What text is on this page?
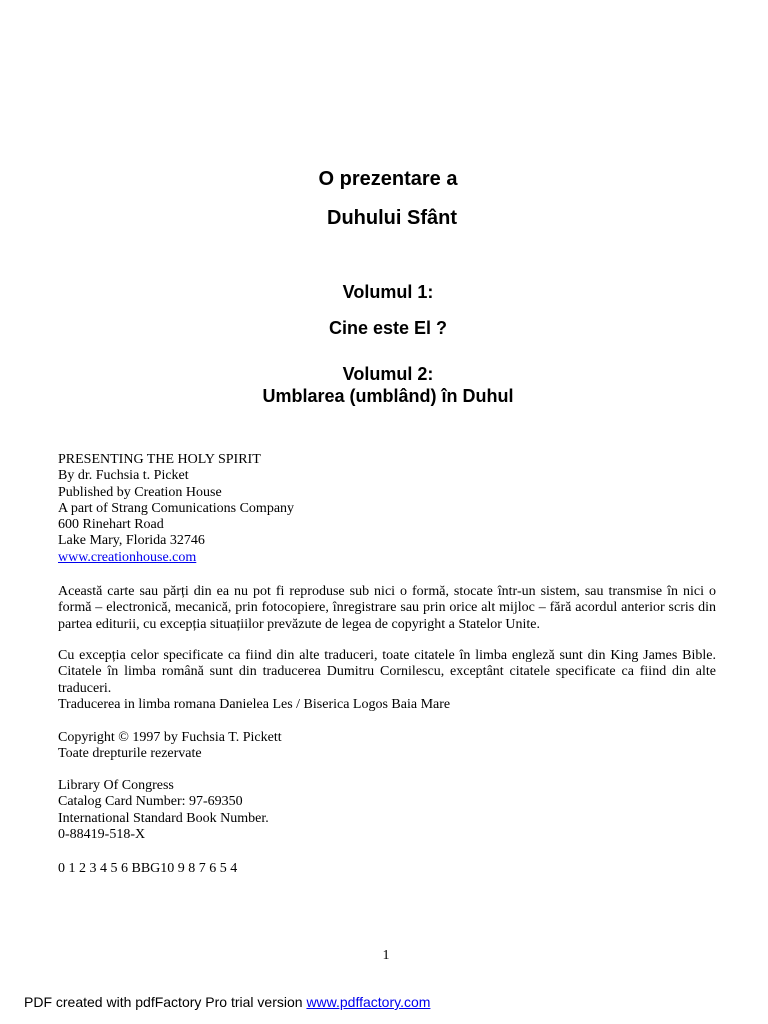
O prezentare a
Duhului Sfânt
Volumul 1:
Cine este El ?
Volumul 2:
Umblarea (umblând) în Duhul
PRESENTING THE HOLY SPIRIT
By dr. Fuchsia t. Picket
Published by Creation House
A part of Strang Comunications Company
600 Rinehart Road
Lake Mary, Florida 32746
www.creationhouse.com
Această carte sau părți din ea nu pot fi reproduse sub nici o formă, stocate într-un sistem, sau transmise în nici o formă – electronică, mecanică, prin fotocopiere, înregistrare sau prin orice alt mijloc – fără acordul anterior scris din partea editurii, cu excepția situațiilor prevăzute de legea de copyright a Statelor Unite.
Cu excepția celor specificate ca fiind din alte traduceri, toate citatele în limba engleză sunt din King James Bible. Citatele în limba română sunt din traducerea Dumitru Cornilescu, exceptânt citatele specificate ca fiind din alte traduceri.
Traducerea in limba romana Danielea Les / Biserica Logos Baia Mare
Copyright © 1997 by Fuchsia T. Pickett
Toate drepturile rezervate
Library Of Congress
Catalog Card Number: 97-69350
International Standard Book Number.
0-88419-518-X
0 1 2 3 4 5 6 BBG10 9 8 7 6 5 4
1
PDF created with pdfFactory Pro trial version www.pdffactory.com
